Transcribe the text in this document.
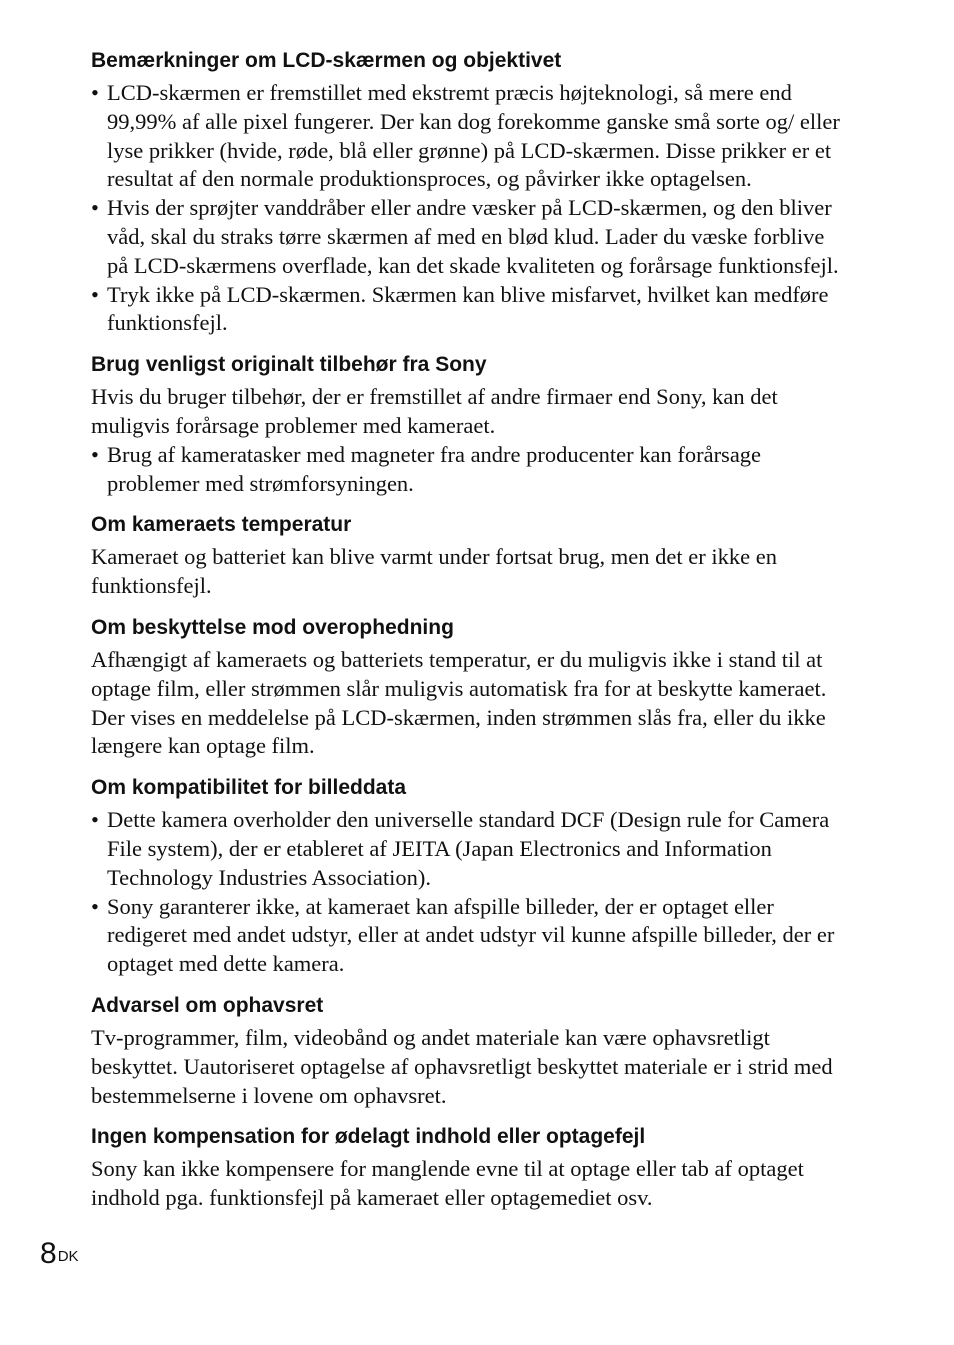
Bemærkninger om LCD-skærmen og objektivet
• LCD-skærmen er fremstillet med ekstremt præcis højteknologi, så mere end 99,99% af alle pixel fungerer. Der kan dog forekomme ganske små sorte og/ eller lyse prikker (hvide, røde, blå eller grønne) på LCD-skærmen. Disse prikker er et resultat af den normale produktionsproces, og påvirker ikke optagelsen.
• Hvis der sprøjter vanddråber eller andre væsker på LCD-skærmen, og den bliver våd, skal du straks tørre skærmen af med en blød klud. Lader du væske forblive på LCD-skærmens overflade, kan det skade kvaliteten og forårsage funktionsfejl.
• Tryk ikke på LCD-skærmen. Skærmen kan blive misfarvet, hvilket kan medføre funktionsfejl.
Brug venligst originalt tilbehør fra Sony

Hvis du bruger tilbehør, der er fremstillet af andre firmaer end Sony, kan det muligvis forårsage problemer med kameraet.

• Brug af kameratasker med magneter fra andre producenter kan forårsage problemer med strømforsyningen.
Om kameraets temperatur

Kameraet og batteriet kan blive varmt under fortsat brug, men det er ikke en funktionsfejl.

Om beskyttelse mod overophedning

Afhængigt af kameraets og batteriets temperatur, er du muligvis ikke i stand til at optage film, eller strømmen slår muligvis automatisk fra for at beskytte kameraet. Der vises en meddelelse på LCD-skærmen, inden strømmen slås fra, eller du ikke længere kan optage film.

Om kompatibilitet for billeddata
• Dette kamera overholder den universelle standard DCF (Design rule for Camera File system), der er etableret af JEITA (Japan Electronics and Information Technology Industries Association).
• Sony garanterer ikke, at kameraet kan afspille billeder, der er optaget eller redigeret med andet udstyr, eller at andet udstyr vil kunne afspille billeder, der er optaget med dette kamera.
Advarsel om ophavsret

Tv-programmer, film, videobånd og andet materiale kan være ophavsretligt beskyttet. Uautoriseret optagelse af ophavsretligt beskyttet materiale er i strid med bestemmelserne i lovene om ophavsret.

Ingen kompensation for ødelagt indhold eller optagefejl

Sony kan ikke kompensere for manglende evne til at optage eller tab af optaget indhold pga. funktionsfejl på kameraet eller optagemediet osv.

$8^{DK}$
